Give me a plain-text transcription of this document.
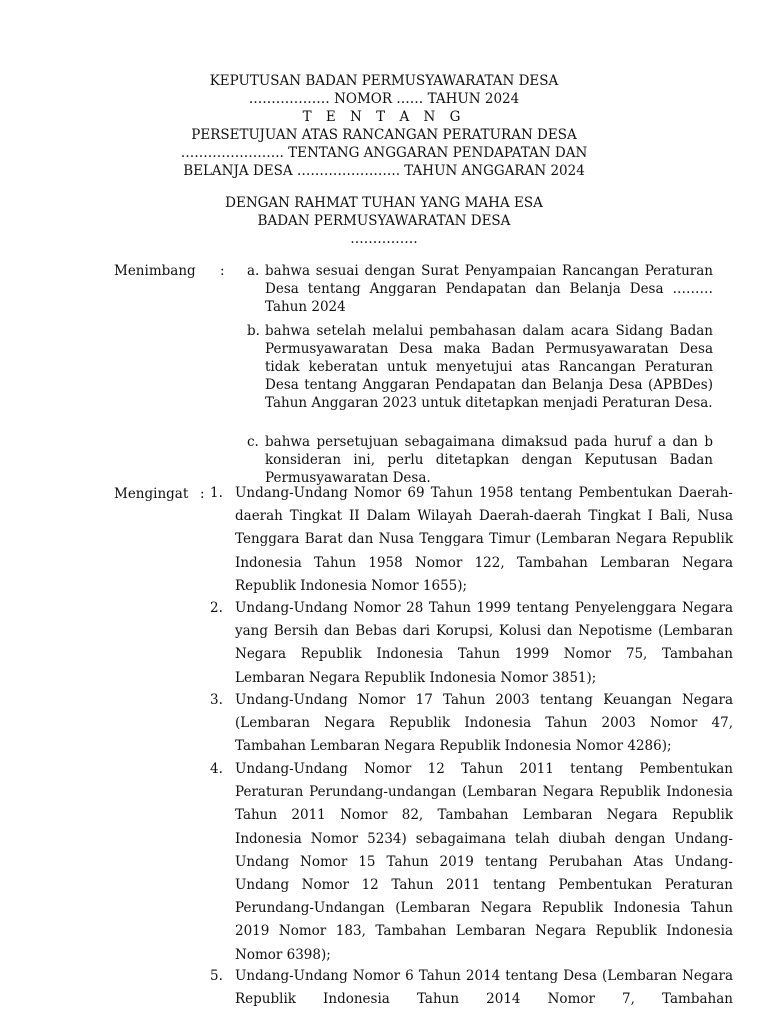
KEPUTUSAN BADAN PERMUSYAWARATAN DESA
……………… NOMOR …… TAHUN 2024
T E N T A N G
PERSETUJUAN ATAS RANCANGAN PERATURAN DESA
………………….. TENTANG ANGGARAN PENDAPATAN DAN
BELANJA DESA ………………….. TAHUN ANGGARAN 2024
DENGAN RAHMAT TUHAN YANG MAHA ESA
BADAN PERMUSYAWARATAN DESA
……………
Menimbang : a. bahwa sesuai dengan Surat Penyampaian Rancangan Peraturan Desa tentang Anggaran Pendapatan dan Belanja Desa ………Tahun 2024
b. bahwa setelah melalui pembahasan dalam acara Sidang Badan Permusyawaratan Desa maka Badan Permusyawaratan Desa tidak keberatan untuk menyetujui atas Rancangan Peraturan Desa tentang Anggaran Pendapatan dan Belanja Desa (APBDes) Tahun Anggaran 2023 untuk ditetapkan menjadi Peraturan Desa.
c. bahwa persetujuan sebagaimana dimaksud pada huruf a dan b konsideran ini, perlu ditetapkan dengan Keputusan Badan Permusyawaratan Desa.
Mengingat : 1. Undang-Undang Nomor 69 Tahun 1958 tentang Pembentukan Daerah-daerah Tingkat II Dalam Wilayah Daerah-daerah Tingkat I Bali, Nusa Tenggara Barat dan Nusa Tenggara Timur (Lembaran Negara Republik Indonesia Tahun 1958 Nomor 122, Tambahan Lembaran Negara Republik Indonesia Nomor 1655);
2. Undang-Undang Nomor 28 Tahun 1999 tentang Penyelenggara Negara yang Bersih dan Bebas dari Korupsi, Kolusi dan Nepotisme (Lembaran Negara Republik Indonesia Tahun 1999 Nomor 75, Tambahan Lembaran Negara Republik Indonesia Nomor 3851);
3. Undang-Undang Nomor 17 Tahun 2003 tentang Keuangan Negara (Lembaran Negara Republik Indonesia Tahun 2003 Nomor 47, Tambahan Lembaran Negara Republik Indonesia Nomor 4286);
4. Undang-Undang Nomor 12 Tahun 2011 tentang Pembentukan Peraturan Perundang-undangan (Lembaran Negara Republik Indonesia Tahun 2011 Nomor 82, Tambahan Lembaran Negara Republik Indonesia Nomor 5234) sebagaimana telah diubah dengan Undang-Undang Nomor 15 Tahun 2019 tentang Perubahan Atas Undang-Undang Nomor 12 Tahun 2011 tentang Pembentukan Peraturan Perundang-Undangan (Lembaran Negara Republik Indonesia Tahun 2019 Nomor 183, Tambahan Lembaran Negara Republik Indonesia Nomor 6398);
5. Undang-Undang Nomor 6 Tahun 2014 tentang Desa (Lembaran Negara Republik Indonesia Tahun 2014 Nomor 7, Tambahan
